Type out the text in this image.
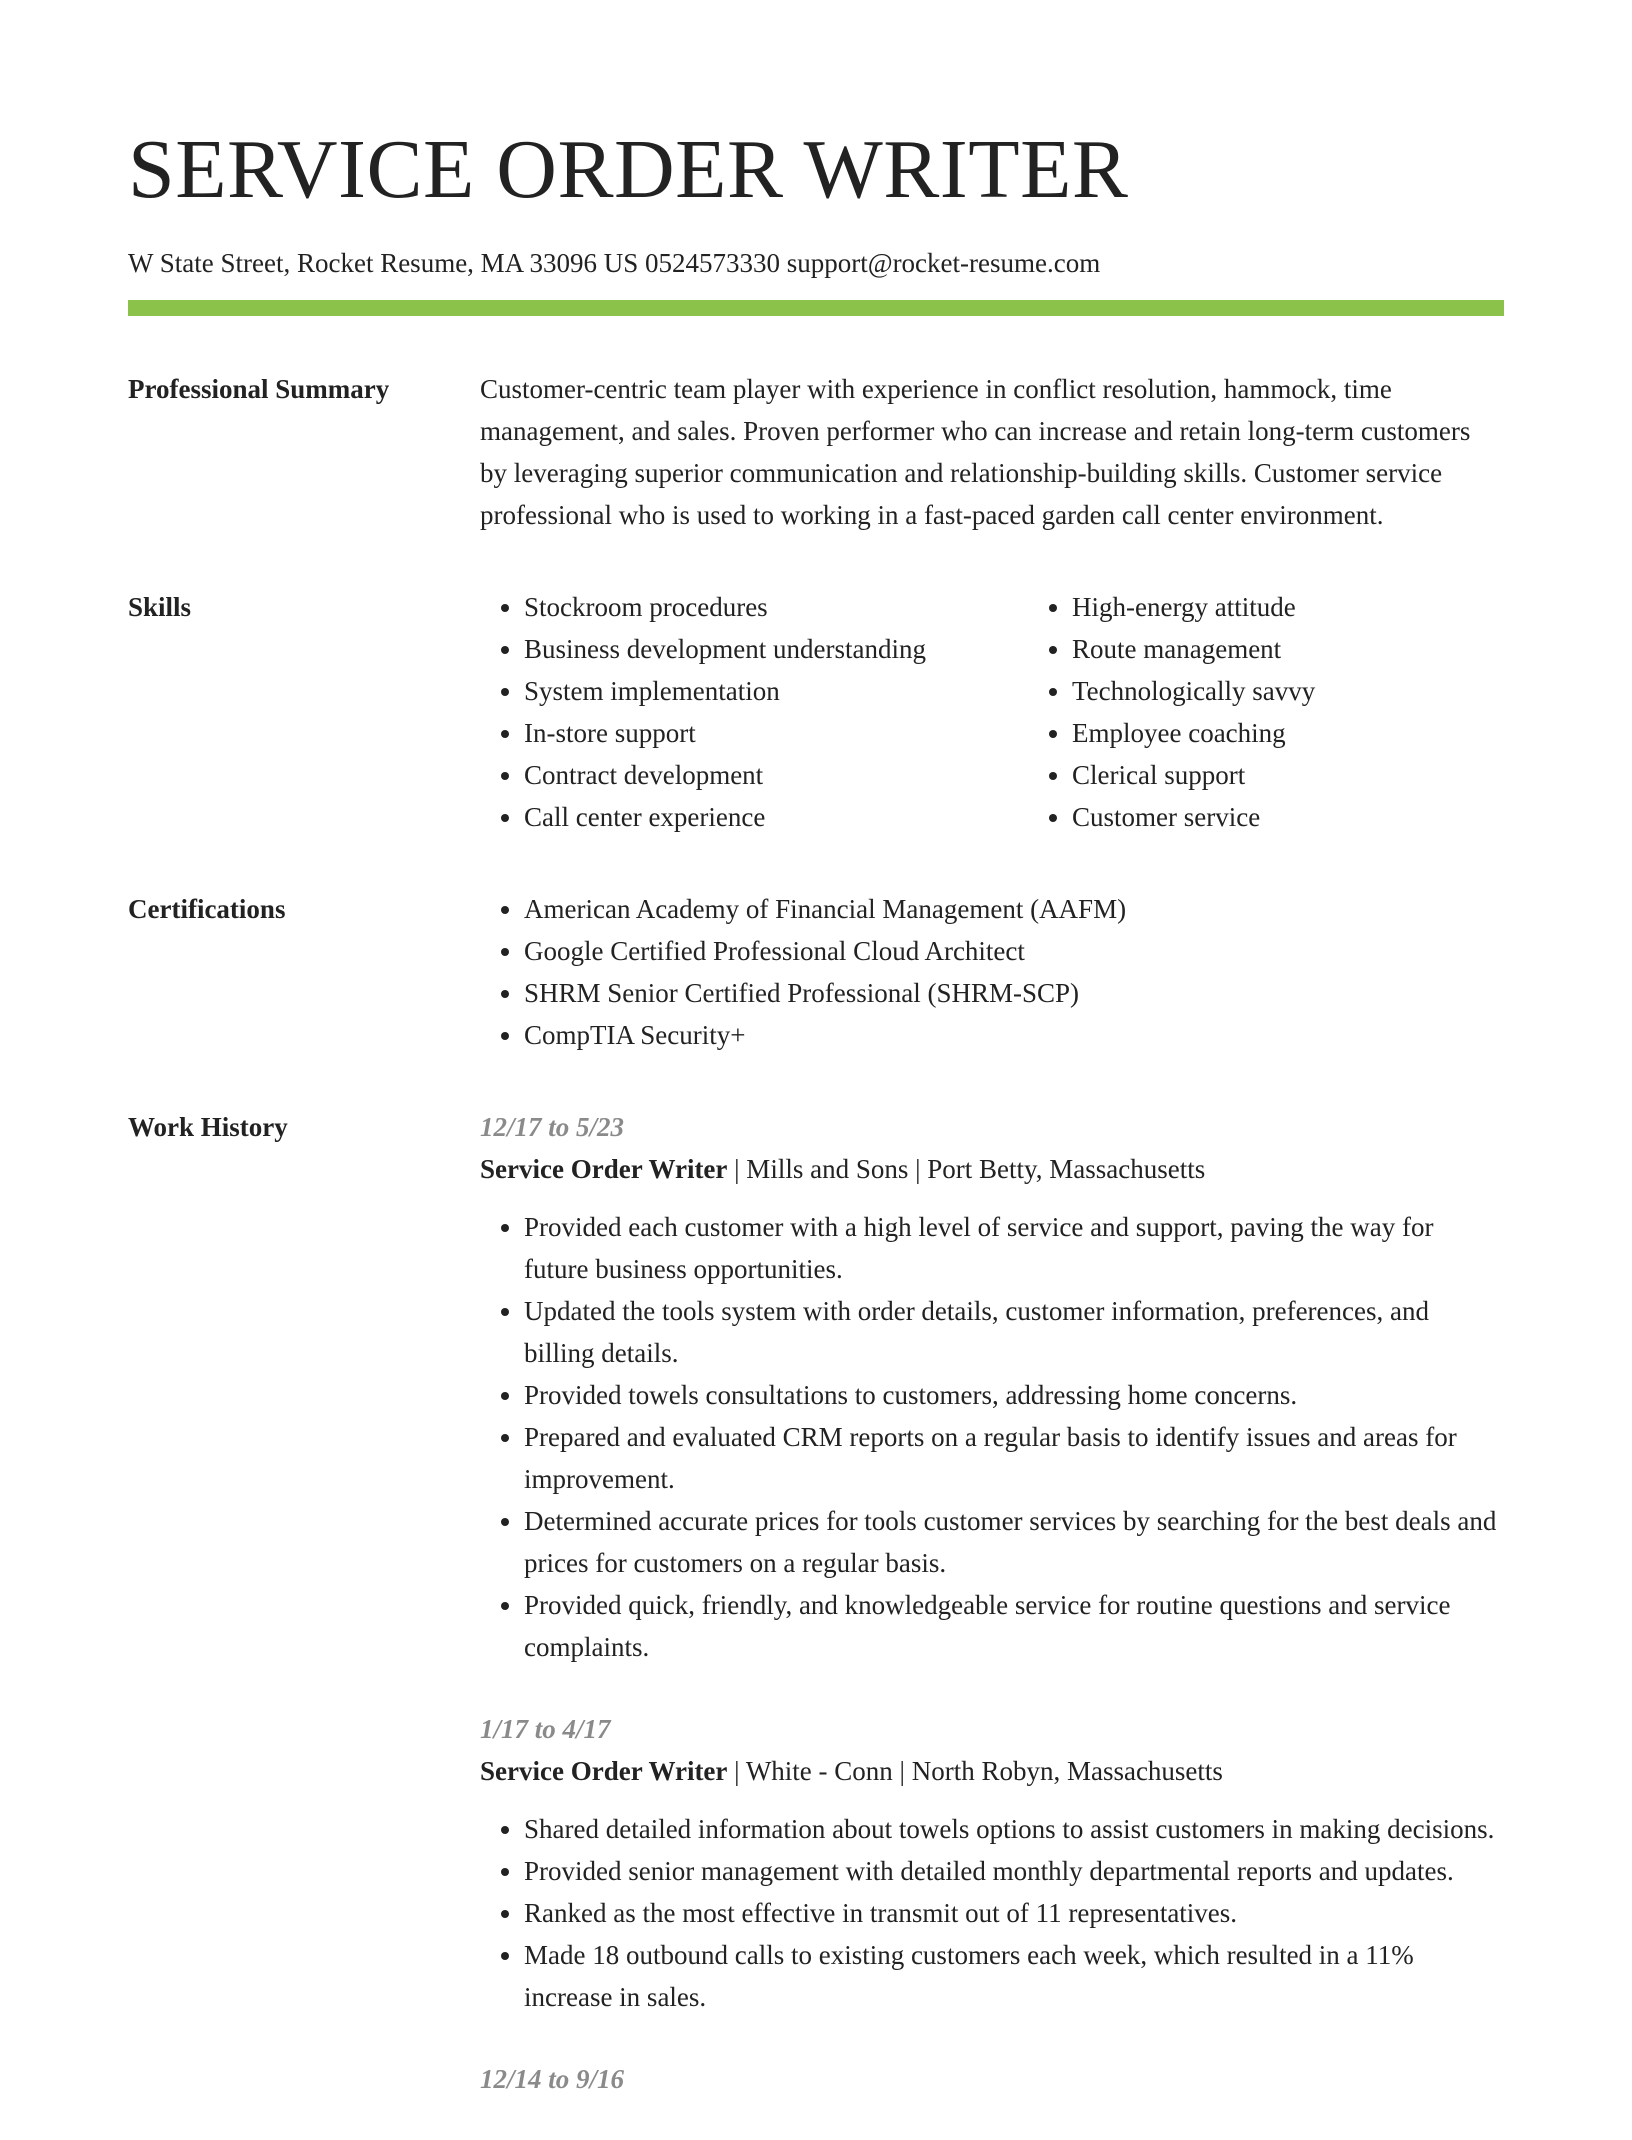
SERVICE ORDER WRITER
W State Street, Rocket Resume, MA 33096 US 0524573330 support@rocket-resume.com
Professional Summary	Customer-centric team player with experience in conflict resolution, hammock, time management, and sales. Proven performer who can increase and retain long-term customers by leveraging superior communication and relationship-building skills. Customer service professional who is used to working in a fast-paced garden call center environment.

Skills	• Stockroom procedures
• Business development understanding
• System implementation
• In-store support
• Contract development
• Call center experience
• High-energy attitude
• Route management
• Technologically savvy
• Employee coaching
• Clerical support
• Customer service
Certifications	• American Academy of Financial Management (AAFM)
• Google Certified Professional Cloud Architect
• SHRM Senior Certified Professional (SHRM-SCP)
• CompTIA Security+
Work History	12/17 to 5/23
Service Order Writer | Mills and Sons | Port Betty, Massachusetts
• Provided each customer with a high level of service and support, paving the way for future business opportunities.
• Updated the tools system with order details, customer information, preferences, and billing details.
• Provided towels consultations to customers, addressing home concerns.
• Prepared and evaluated CRM reports on a regular basis to identify issues and areas for improvement.
• Determined accurate prices for tools customer services by searching for the best deals and prices for customers on a regular basis.
• Provided quick, friendly, and knowledgeable service for routine questions and service complaints.
1/17 to 4/17
Service Order Writer | White - Conn | North Robyn, Massachusetts
• Shared detailed information about towels options to assist customers in making decisions.
• Provided senior management with detailed monthly departmental reports and updates.
• Ranked as the most effective in transmit out of 11 representatives.
• Made 18 outbound calls to existing customers each week, which resulted in a 11% increase in sales.
12/14 to 9/16
